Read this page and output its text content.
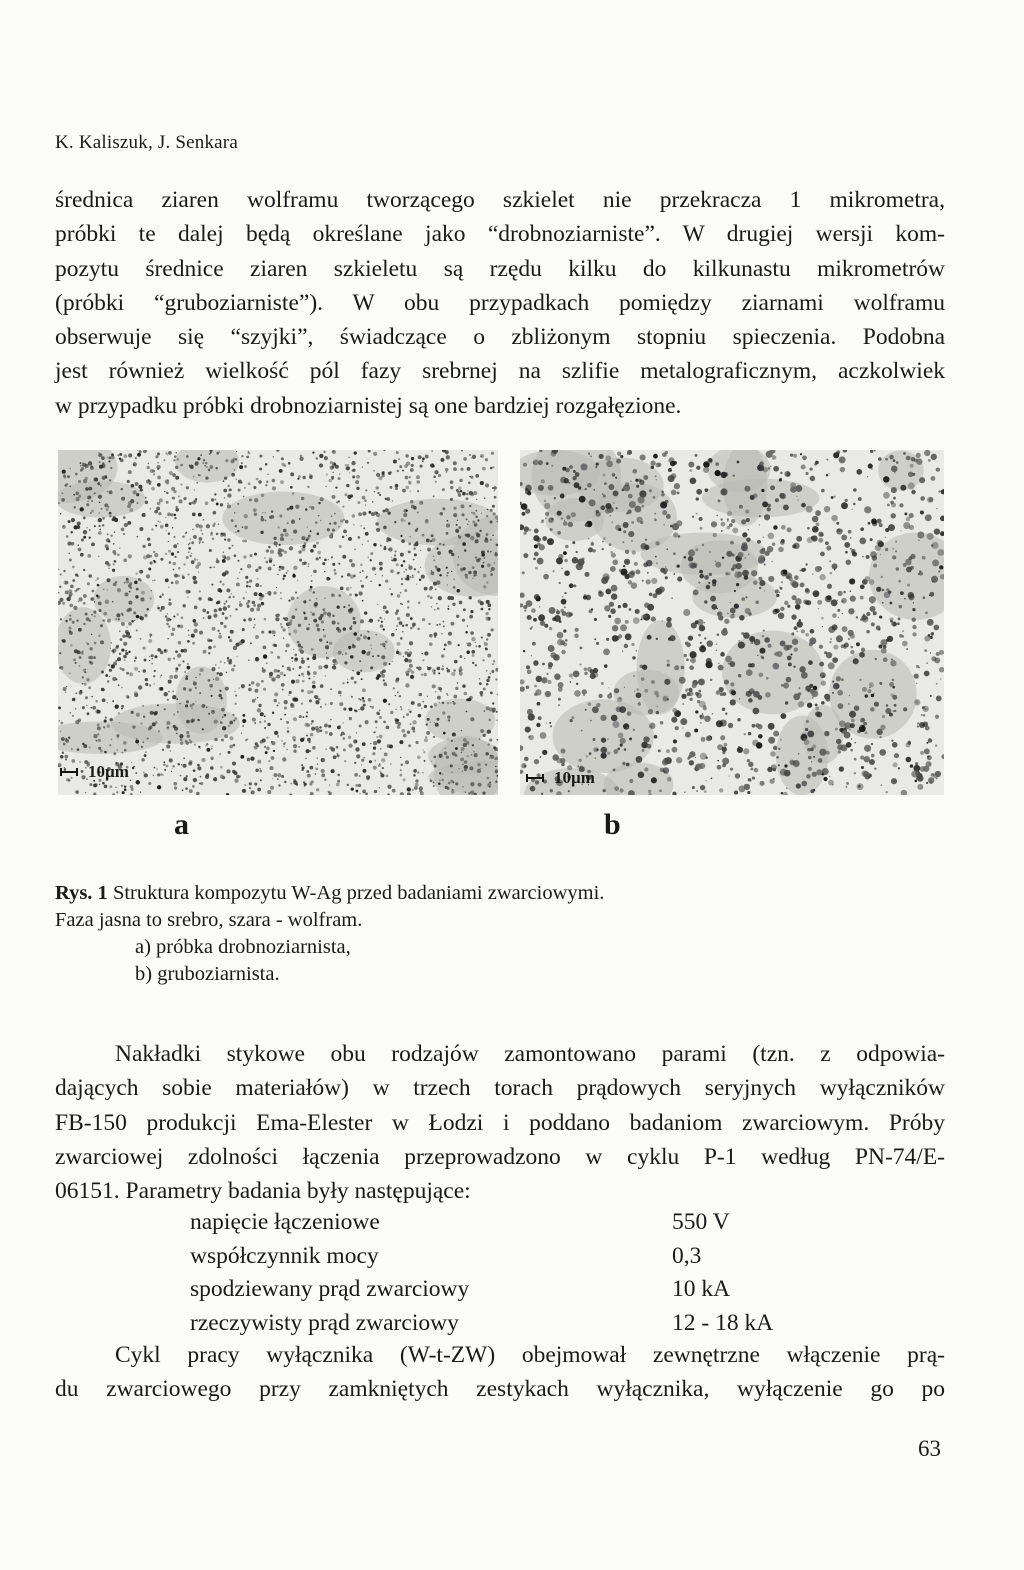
K. Kaliszuk, J. Senkara

średnica ziaren wolframu tworzącego szkielet nie przekracza 1 mikrometra,
próbki te dalej będą określane jako “drobnoziarniste”. W drugiej wersji kom-
pozytu średnice ziaren szkieletu są rzędu kilku do kilkunastu mikrometrów
(próbki “gruboziarniste”). W obu przypadkach pomiędzy ziarnami wolframu
obserwuje się “szyjki”, świadczące o zbliżonym stopniu spieczenia. Podobna
jest również wielkość pól fazy srebrnej na szlifie metalograficznym, aczkolwiek
w przypadku próbki drobnoziarnistej są one bardziej rozgałęzione.

10µm	10µm
a	b
Rys. 1 Struktura kompozytu W-Ag przed badaniami zwarciowymi.
Faza jasna to srebro, szara - wolfram.
a) próbka drobnoziarnista,
b) gruboziarnista.

Nakładki stykowe obu rodzajów zamontowano parami (tzn. z odpowia-
dających sobie materiałów) w trzech torach prądowych seryjnych wyłączników
FB-150 produkcji Ema-Elester w Łodzi i poddano badaniom zwarciowym. Próby
zwarciowej zdolności łączenia przeprowadzono w cyklu P-1 według PN-74/E-
06151. Parametry badania były następujące:

napięcie łączeniowe	550 V
współczynnik mocy	0,3
spodziewany prąd zwarciowy	10 kA
rzeczywisty prąd zwarciowy	12 - 18 kA

Cykl pracy wyłącznika (W-t-ZW) obejmował zewnętrzne włączenie prą-
du zwarciowego przy zamkniętych zestykach wyłącznika, wyłączenie go po

63
